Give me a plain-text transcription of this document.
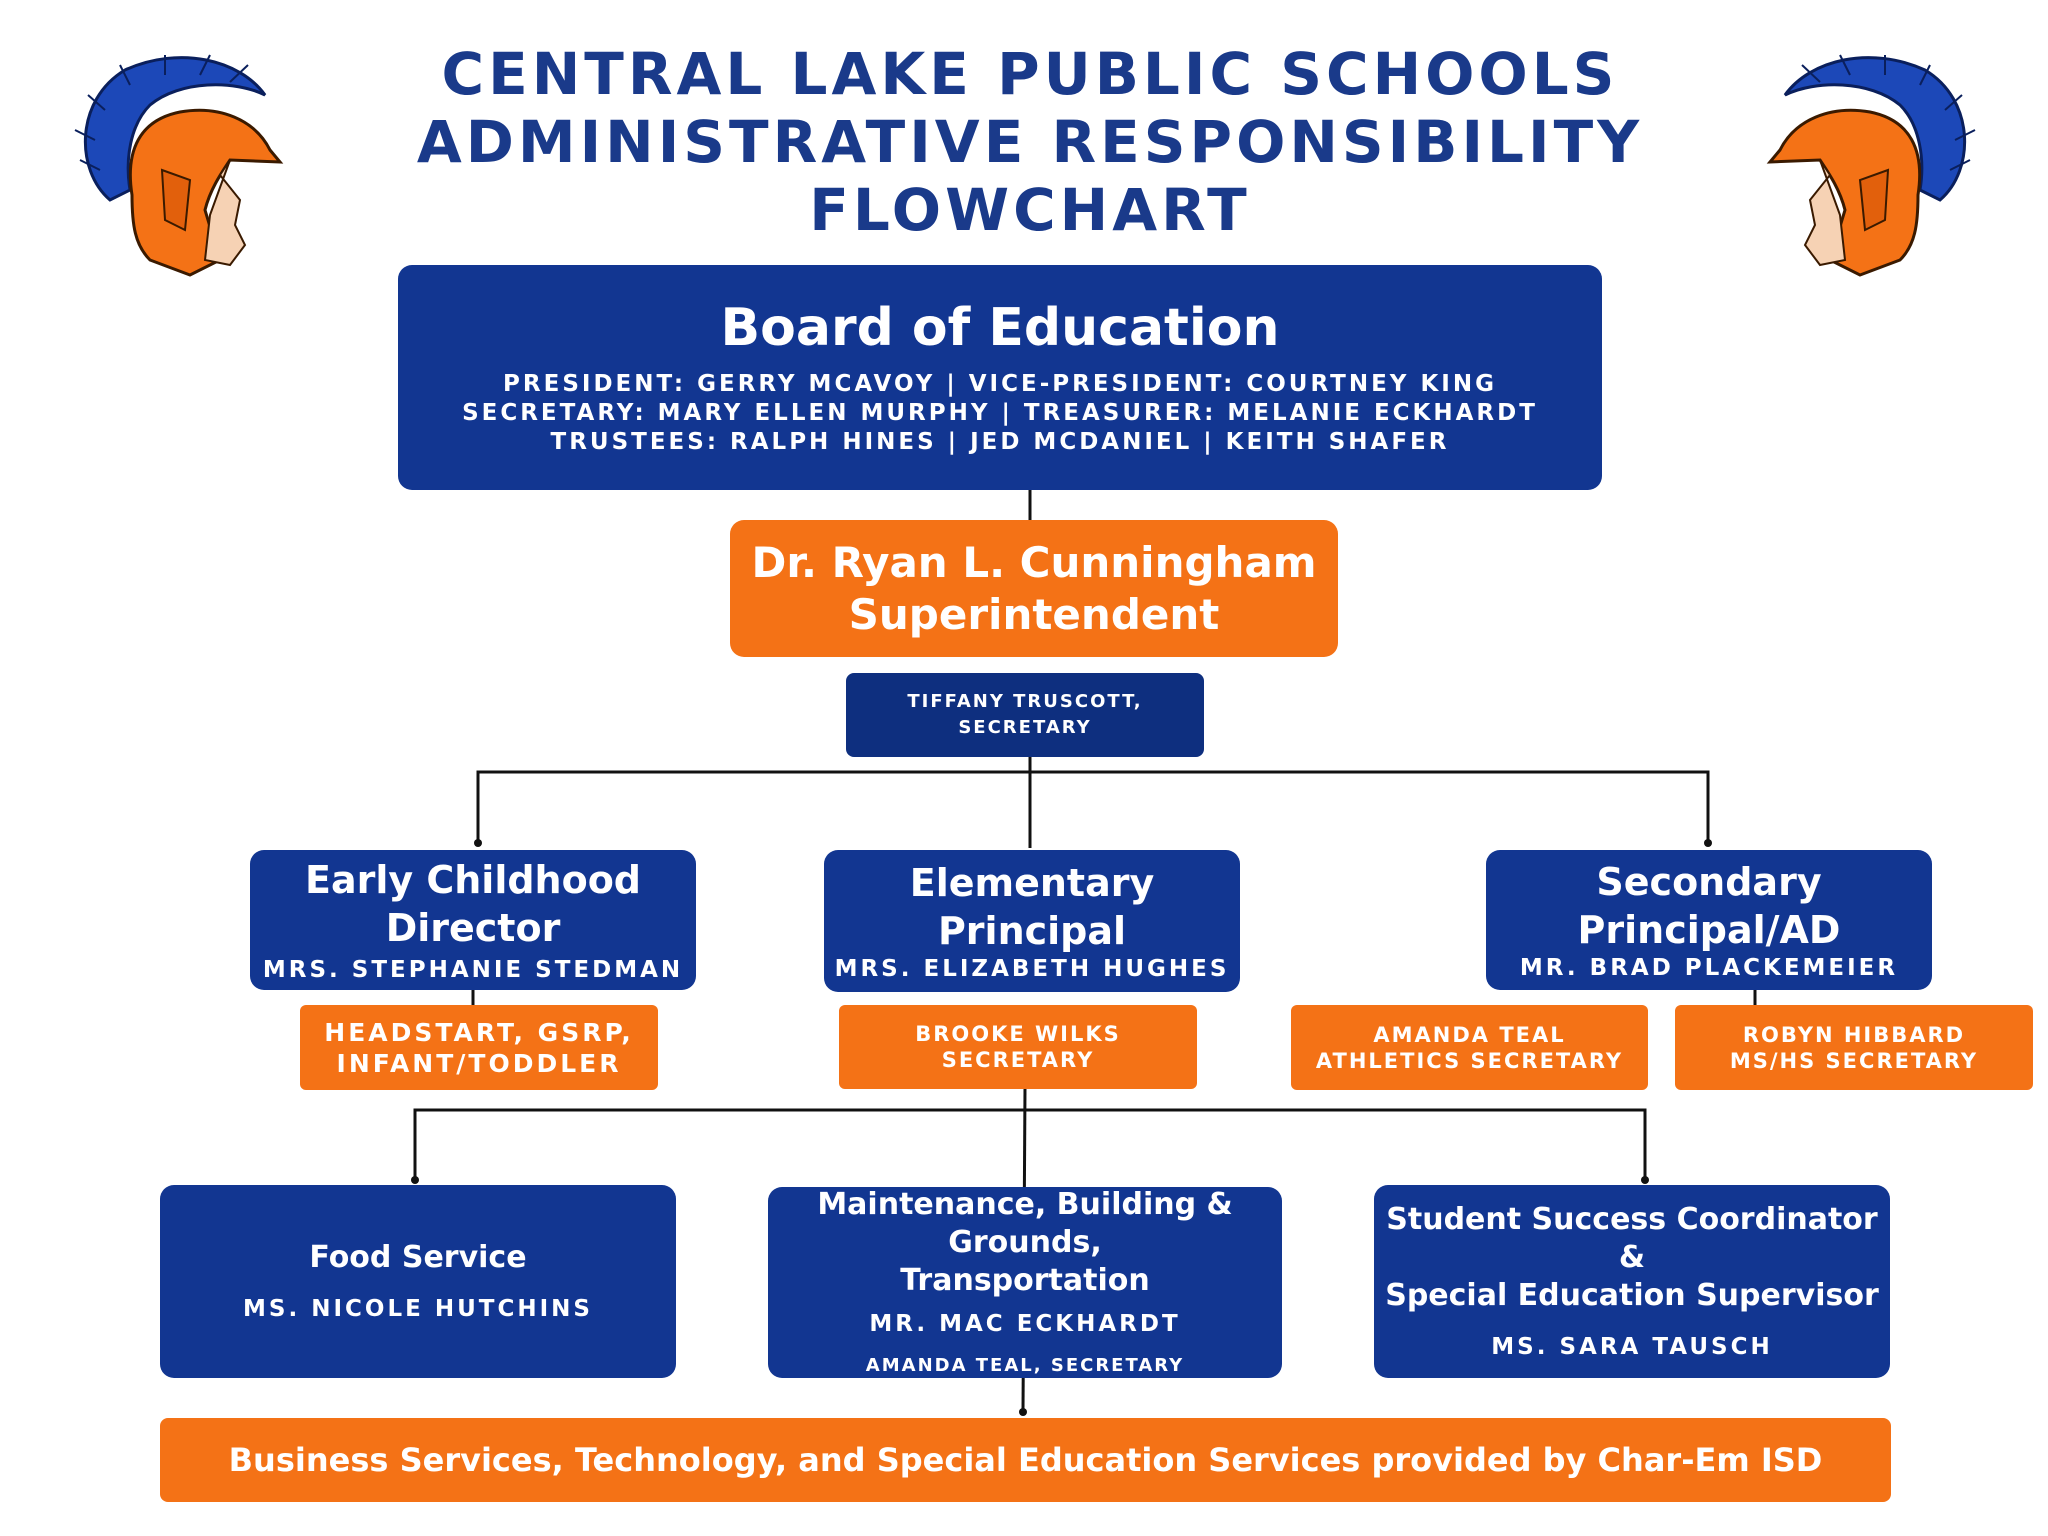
CENTRAL LAKE PUBLIC SCHOOLS
ADMINISTRATIVE RESPONSIBILITY
FLOWCHART
Board of Education
PRESIDENT: GERRY MCAVOY | VICE-PRESIDENT: COURTNEY KING
SECRETARY: MARY ELLEN MURPHY | TREASURER: MELANIE ECKHARDT
TRUSTEES: RALPH HINES | JED MCDANIEL | KEITH SHAFER
Dr. Ryan L. Cunningham
Superintendent
TIFFANY TRUSCOTT,
SECRETARY
Early Childhood Director
MRS. STEPHANIE STEDMAN
HEADSTART, GSRP,
INFANT/TODDLER
Elementary Principal
MRS. ELIZABETH HUGHES
BROOKE WILKS
SECRETARY
Secondary Principal/AD
MR. BRAD PLACKEMEIER
AMANDA TEAL
ATHLETICS SECRETARY
ROBYN HIBBARD
MS/HS SECRETARY
Food Service
MS. NICOLE HUTCHINS
Maintenance, Building & Grounds,
Transportation
MR. MAC ECKHARDT
AMANDA TEAL, SECRETARY
Student Success Coordinator &
Special Education Supervisor
MS. SARA TAUSCH
Business Services, Technology, and Special Education Services provided by Char-Em ISD
